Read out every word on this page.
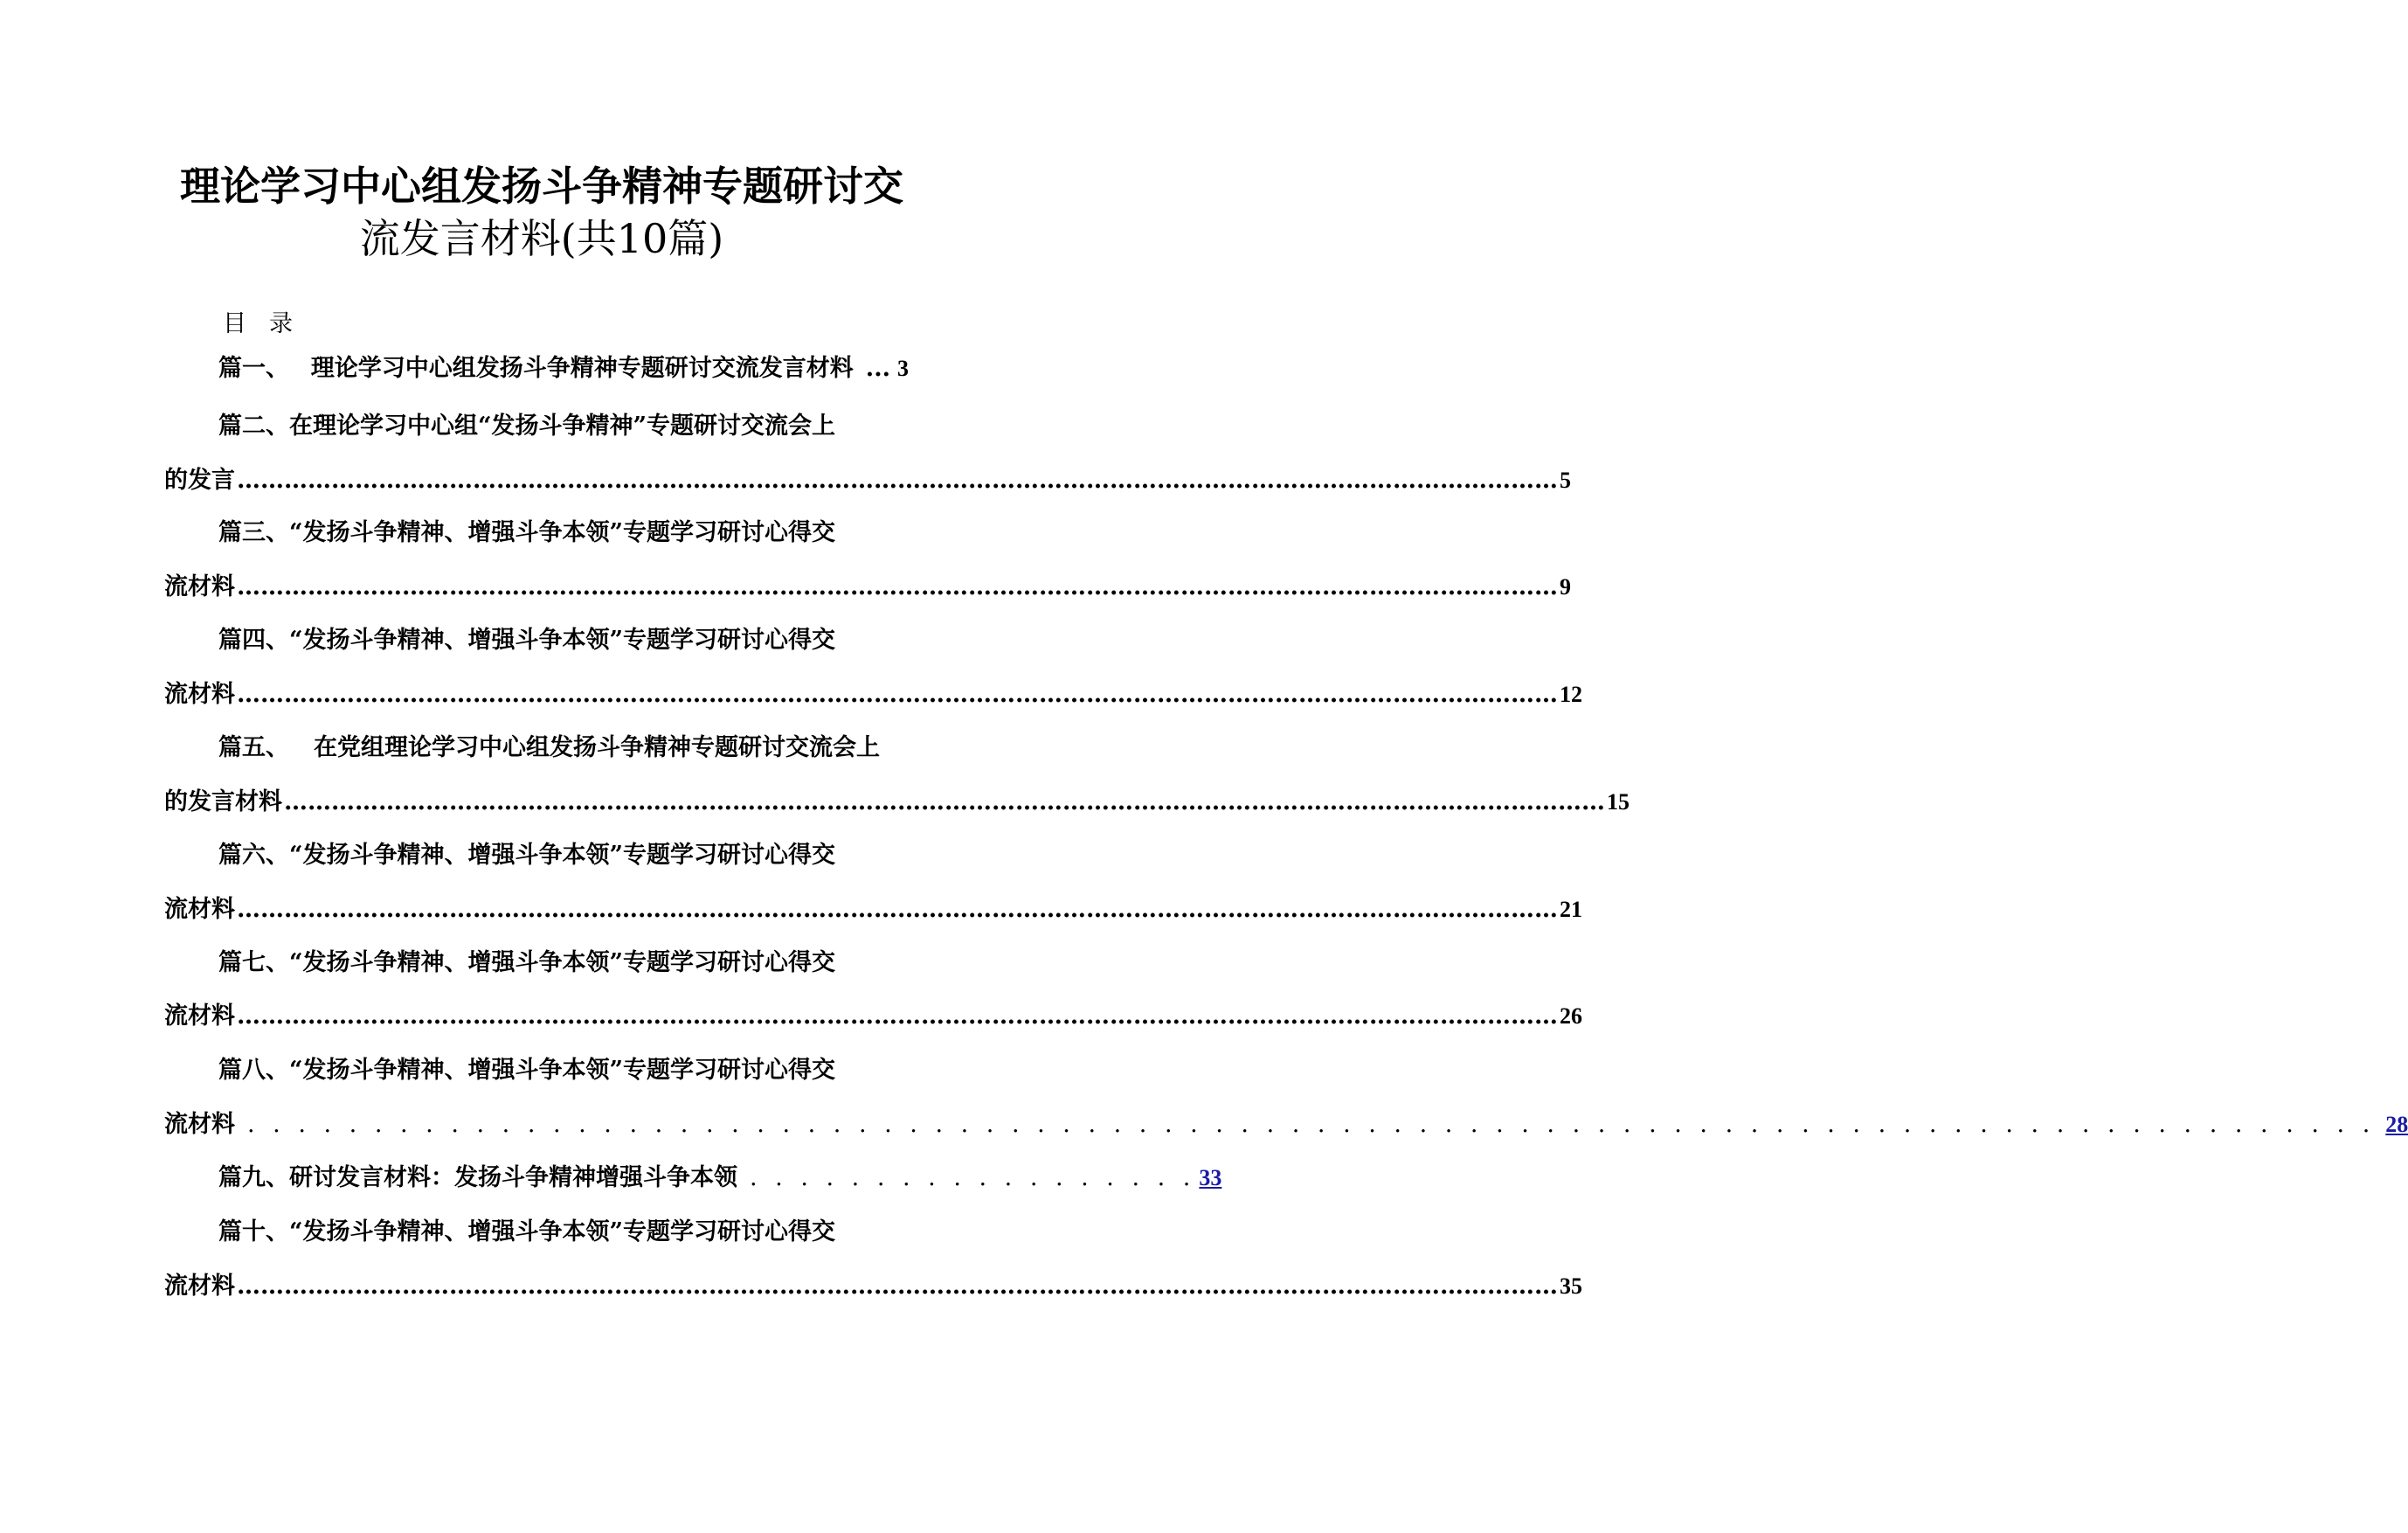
理论学习中心组发扬斗争精神专题研讨交
流发言材料(共10篇)
目录
篇一、 理论学习中心组发扬斗争精神专题研讨交流发言材料 ... 3
篇二、在理论学习中心组“发扬斗争精神”专题研讨交流会上
的发言 ……………………………………………………………………………………………………………………………………………………	5
篇三、“发扬斗争精神、增强斗争本领”专题学习研讨心得交
流材料 ……………………………………………………………………………………………………………………………………………………	9
篇四、“发扬斗争精神、增强斗争本领”专题学习研讨心得交
流材料 ……………………………………………………………………………………………………………………………………………………	12
篇五、 在党组理论学习中心组发扬斗争精神专题研讨交流会上
的发言材料 ……………………………………………………………………………………………………………………………………………………	15
篇六、“发扬斗争精神、增强斗争本领”专题学习研讨心得交
流材料 ……………………………………………………………………………………………………………………………………………………	21
篇七、“发扬斗争精神、增强斗争本领”专题学习研讨心得交
流材料 ……………………………………………………………………………………………………………………………………………………	26
篇八、“发扬斗争精神、增强斗争本领”专题学习研讨心得交
流材料 . . .	28
篇九、 研讨发言材料：发扬斗争精神增强斗争本领 . . . . . . . . . . . . . . . . . . 33
篇十、“发扬斗争精神、增强斗争本领”专题学习研讨心得交
流材料 ……………………………………………………………………………………………………………………………………………………	35
